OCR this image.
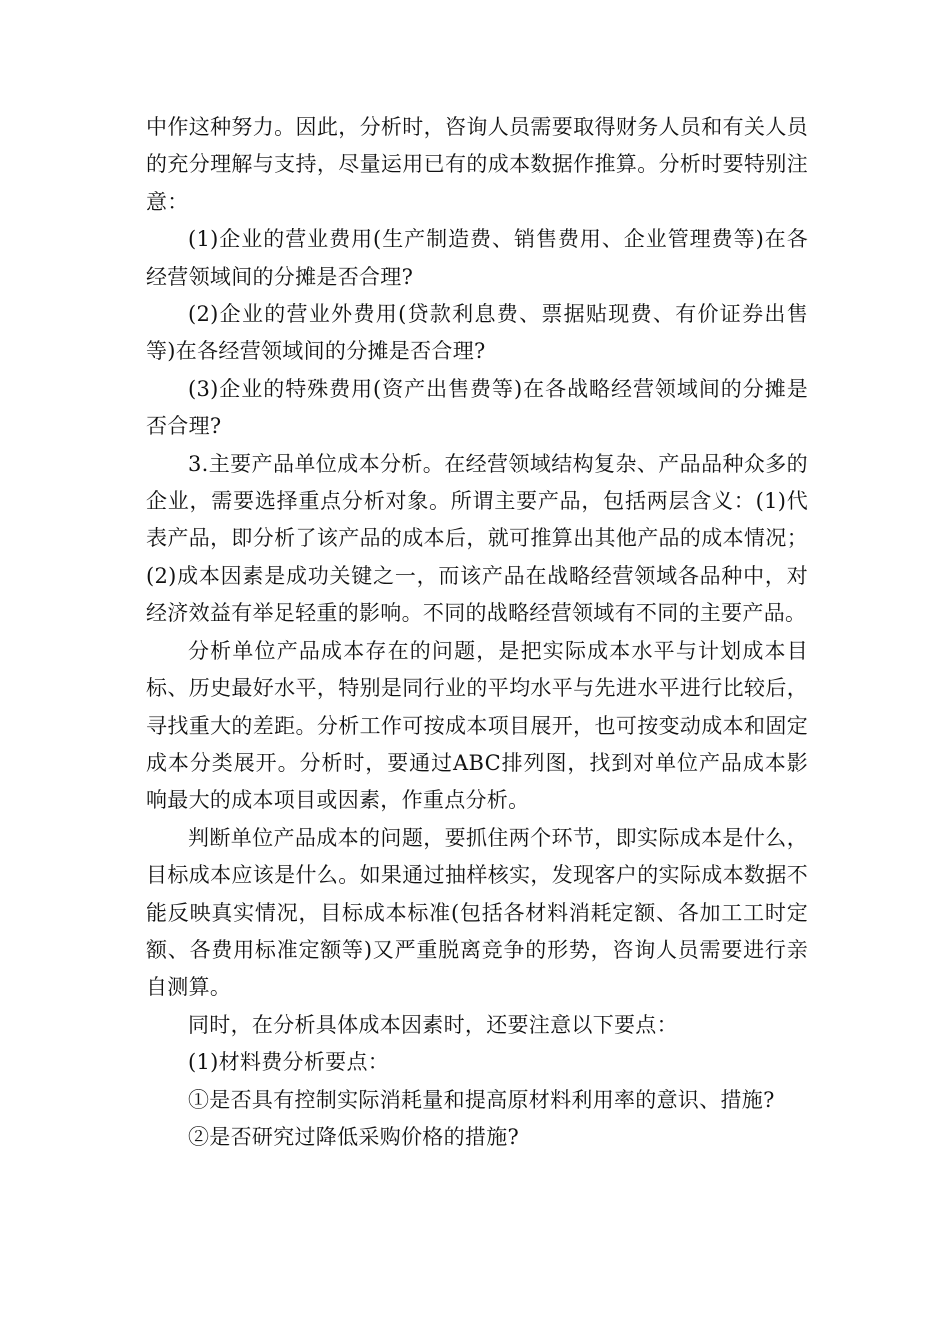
中作这种努力。因此，分析时，咨询人员需要取得财务人员和有关人员的充分理解与支持，尽量运用已有的成本数据作推算。分析时要特别注意：

(1)企业的营业费用(生产制造费、销售费用、企业管理费等)在各经营领域间的分摊是否合理?

(2)企业的营业外费用(贷款利息费、票据贴现费、有价证券出售等)在各经营领域间的分摊是否合理?

(3)企业的特殊费用(资产出售费等)在各战略经营领域间的分摊是否合理?

3.主要产品单位成本分析。在经营领域结构复杂、产品品种众多的企业，需要选择重点分析对象。所谓主要产品，包括两层含义：(1)代表产品，即分析了该产品的成本后，就可推算出其他产品的成本情况；(2)成本因素是成功关键之一，而该产品在战略经营领域各品种中，对经济效益有举足轻重的影响。不同的战略经营领域有不同的主要产品。

分析单位产品成本存在的问题，是把实际成本水平与计划成本目标、历史最好水平，特别是同行业的平均水平与先进水平进行比较后，寻找重大的差距。分析工作可按成本项目展开，也可按变动成本和固定成本分类展开。分析时，要通过ABC排列图，找到对单位产品成本影响最大的成本项目或因素，作重点分析。

判断单位产品成本的问题，要抓住两个环节，即实际成本是什么，目标成本应该是什么。如果通过抽样核实，发现客户的实际成本数据不能反映真实情况，目标成本标准(包括各材料消耗定额、各加工工时定额、各费用标准定额等)又严重脱离竞争的形势，咨询人员需要进行亲自测算。

同时，在分析具体成本因素时，还要注意以下要点：

(1)材料费分析要点：

①是否具有控制实际消耗量和提高原材料利用率的意识、措施?

②是否研究过降低采购价格的措施?
